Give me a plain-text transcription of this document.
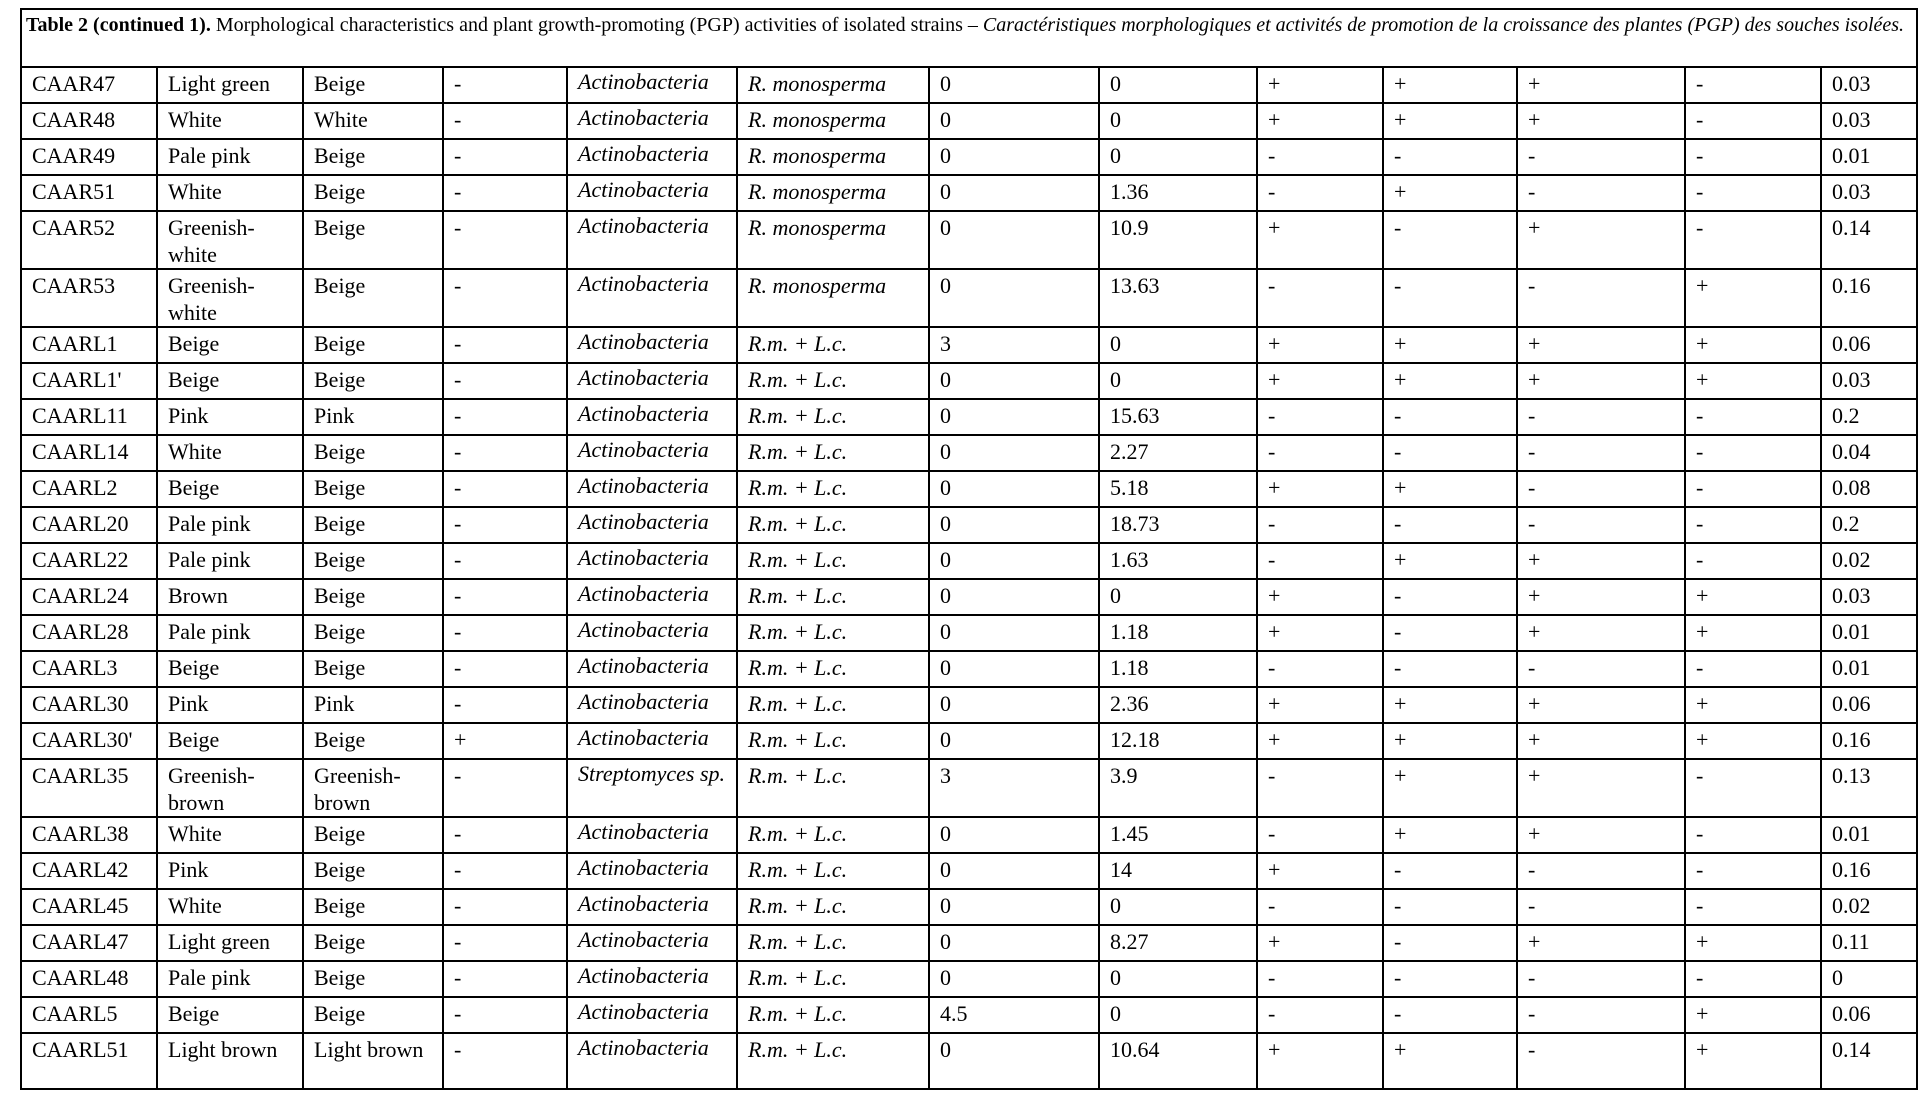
Table 2 (continued 1). Morphological characteristics and plant growth-promoting (PGP) activities of isolated strains – Caractéristiques morphologiques et activités de promotion de la croissance des plantes (PGP) des souches isolées.												
CAAR47	Light green	Beige	-	Actinobacteria	R. monosperma	0	0	+	+	+	-	0.03
CAAR48	White	White	-	Actinobacteria	R. monosperma	0	0	+	+	+	-	0.03
CAAR49	Pale pink	Beige	-	Actinobacteria	R. monosperma	0	0	-	-	-	-	0.01
CAAR51	White	Beige	-	Actinobacteria	R. monosperma	0	1.36	-	+	-	-	0.03
CAAR52	Greenish-white	Beige	-	Actinobacteria	R. monosperma	0	10.9	+	-	+	-	0.14
CAAR53	Greenish-white	Beige	-	Actinobacteria	R. monosperma	0	13.63	-	-	-	+	0.16
CAARL1	Beige	Beige	-	Actinobacteria	R.m. + L.c.	3	0	+	+	+	+	0.06
CAARL1'	Beige	Beige	-	Actinobacteria	R.m. + L.c.	0	0	+	+	+	+	0.03
CAARL11	Pink	Pink	-	Actinobacteria	R.m. + L.c.	0	15.63	-	-	-	-	0.2
CAARL14	White	Beige	-	Actinobacteria	R.m. + L.c.	0	2.27	-	-	-	-	0.04
CAARL2	Beige	Beige	-	Actinobacteria	R.m. + L.c.	0	5.18	+	+	-	-	0.08
CAARL20	Pale pink	Beige	-	Actinobacteria	R.m. + L.c.	0	18.73	-	-	-	-	0.2
CAARL22	Pale pink	Beige	-	Actinobacteria	R.m. + L.c.	0	1.63	-	+	+	-	0.02
CAARL24	Brown	Beige	-	Actinobacteria	R.m. + L.c.	0	0	+	-	+	+	0.03
CAARL28	Pale pink	Beige	-	Actinobacteria	R.m. + L.c.	0	1.18	+	-	+	+	0.01
CAARL3	Beige	Beige	-	Actinobacteria	R.m. + L.c.	0	1.18	-	-	-	-	0.01
CAARL30	Pink	Pink	-	Actinobacteria	R.m. + L.c.	0	2.36	+	+	+	+	0.06
CAARL30'	Beige	Beige	+	Actinobacteria	R.m. + L.c.	0	12.18	+	+	+	+	0.16
CAARL35	Greenish-brown	Greenish-brown	-	Streptomyces sp.	R.m. + L.c.	3	3.9	-	+	+	-	0.13
CAARL38	White	Beige	-	Actinobacteria	R.m. + L.c.	0	1.45	-	+	+	-	0.01
CAARL42	Pink	Beige	-	Actinobacteria	R.m. + L.c.	0	14	+	-	-	-	0.16
CAARL45	White	Beige	-	Actinobacteria	R.m. + L.c.	0	0	-	-	-	-	0.02
CAARL47	Light green	Beige	-	Actinobacteria	R.m. + L.c.	0	8.27	+	-	+	+	0.11
CAARL48	Pale pink	Beige	-	Actinobacteria	R.m. + L.c.	0	0	-	-	-	-	0
CAARL5	Beige	Beige	-	Actinobacteria	R.m. + L.c.	4.5	0	-	-	-	+	0.06
CAARL51	Light brown	Light brown	-	Actinobacteria	R.m. + L.c.	0	10.64	+	+	-	+	0.14
